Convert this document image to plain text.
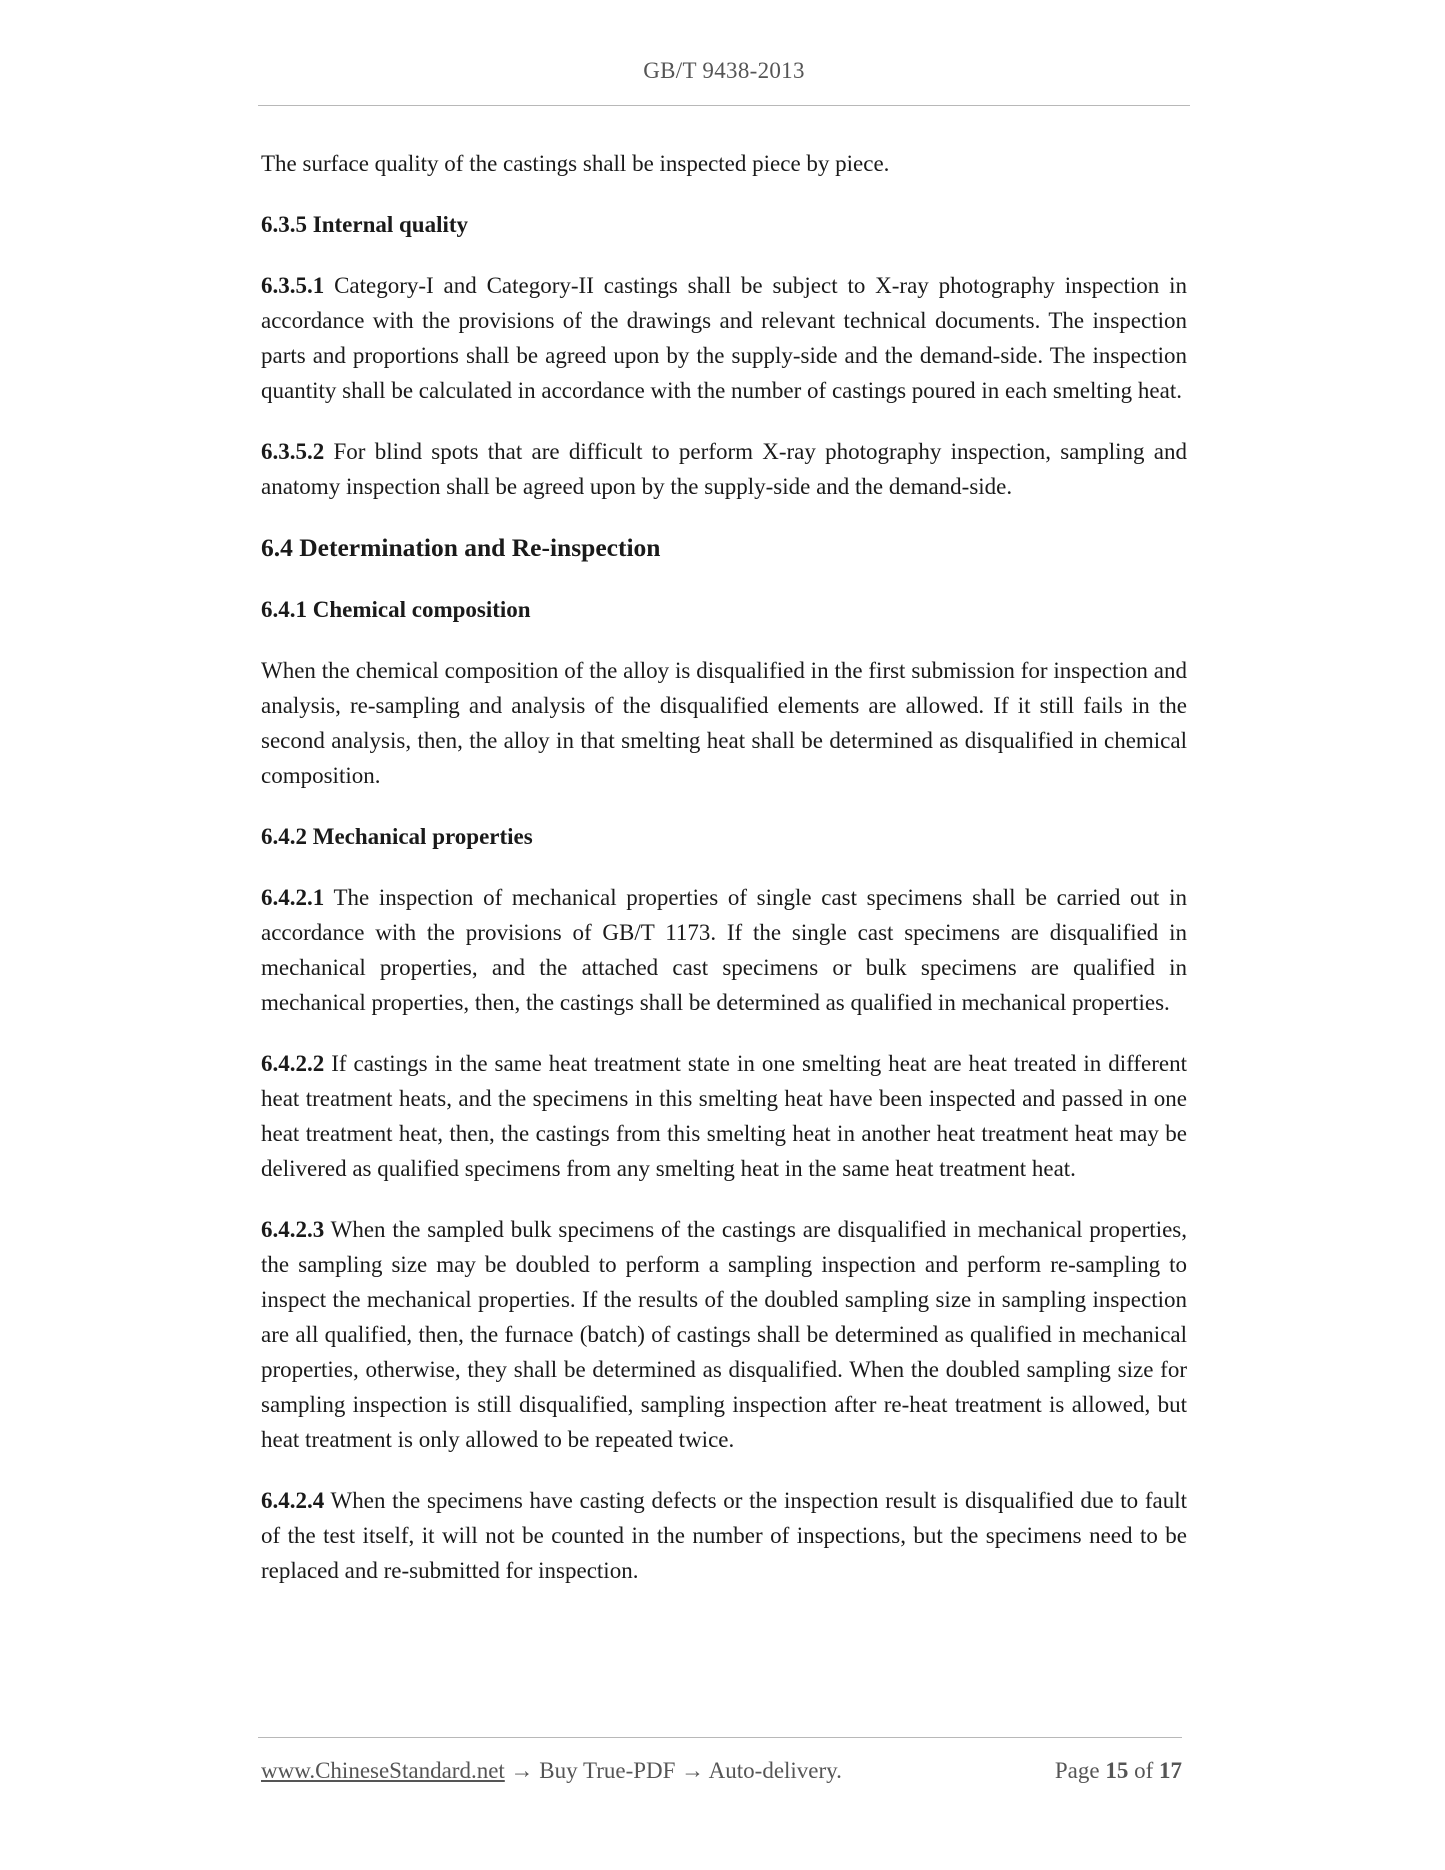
GB/T 9438-2013

The surface quality of the castings shall be inspected piece by piece.

6.3.5 Internal quality

6.3.5.1 Category-I and Category-II castings shall be subject to X-ray photography inspection in accordance with the provisions of the drawings and relevant technical documents. The inspection parts and proportions shall be agreed upon by the supply-side and the demand-side. The inspection quantity shall be calculated in accordance with the number of castings poured in each smelting heat.

6.3.5.2 For blind spots that are difficult to perform X-ray photography inspection, sampling and anatomy inspection shall be agreed upon by the supply-side and the demand-side.

6.4 Determination and Re-inspection
6.4.1 Chemical composition

When the chemical composition of the alloy is disqualified in the first submission for inspection and analysis, re-sampling and analysis of the disqualified elements are allowed. If it still fails in the second analysis, then, the alloy in that smelting heat shall be determined as disqualified in chemical composition.

6.4.2 Mechanical properties

6.4.2.1 The inspection of mechanical properties of single cast specimens shall be carried out in accordance with the provisions of GB/T 1173. If the single cast specimens are disqualified in mechanical properties, and the attached cast specimens or bulk specimens are qualified in mechanical properties, then, the castings shall be determined as qualified in mechanical properties.

6.4.2.2 If castings in the same heat treatment state in one smelting heat are heat treated in different heat treatment heats, and the specimens in this smelting heat have been inspected and passed in one heat treatment heat, then, the castings from this smelting heat in another heat treatment heat may be delivered as qualified specimens from any smelting heat in the same heat treatment heat.

6.4.2.3 When the sampled bulk specimens of the castings are disqualified in mechanical properties, the sampling size may be doubled to perform a sampling inspection and perform re-sampling to inspect the mechanical properties. If the results of the doubled sampling size in sampling inspection are all qualified, then, the furnace (batch) of castings shall be determined as qualified in mechanical properties, otherwise, they shall be determined as disqualified. When the doubled sampling size for sampling inspection is still disqualified, sampling inspection after re-heat treatment is allowed, but heat treatment is only allowed to be repeated twice.

6.4.2.4 When the specimens have casting defects or the inspection result is disqualified due to fault of the test itself, it will not be counted in the number of inspections, but the specimens need to be replaced and re-submitted for inspection.

www.ChineseStandard.net → Buy True-PDF → Auto-delivery.	Page 15 of 17
